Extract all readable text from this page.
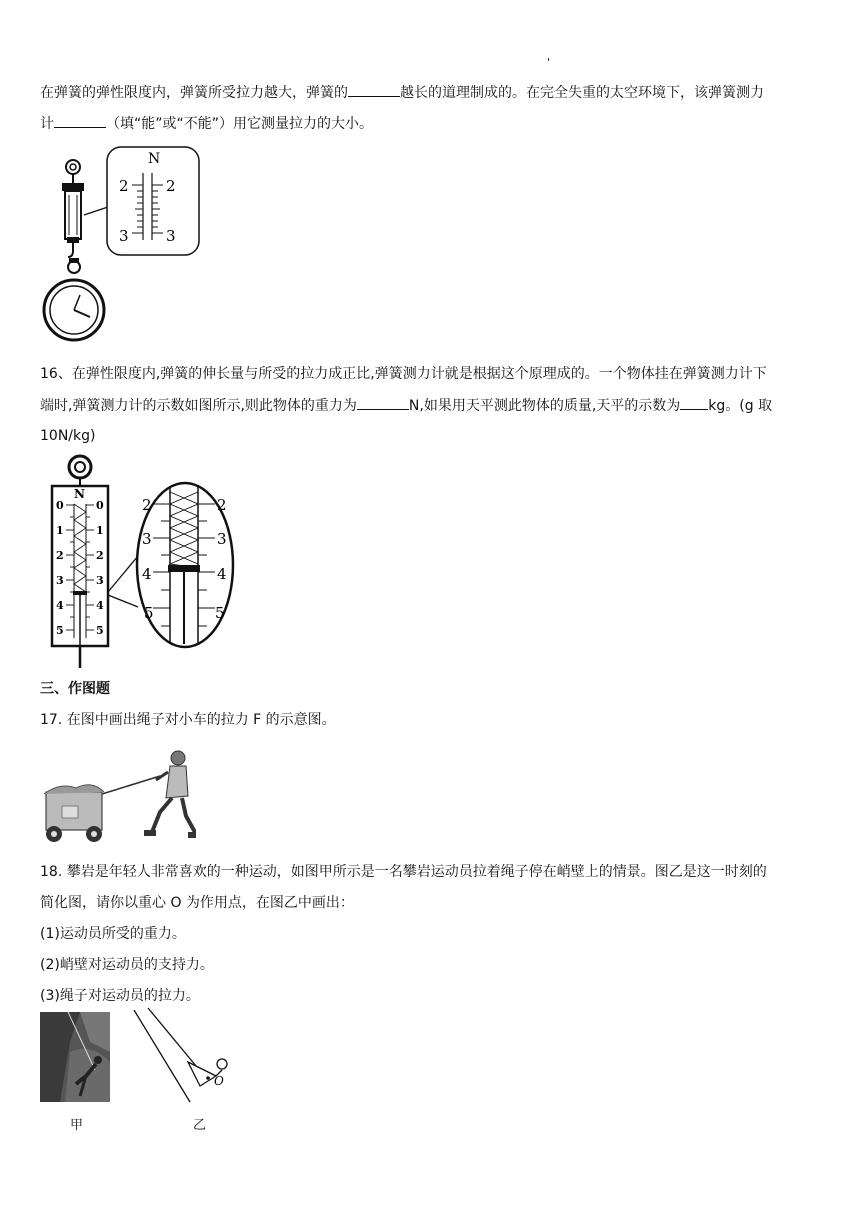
'
在弹簧的弹性限度内，弹簧所受拉力越大，弹簧的	越长的道理制成的。在完全失重的太空环境下，该弹簧测力
计	（填“能”或“不能”）用它测量拉力的大小。
N
2 2
3 3
16、在弹性限度内,弹簧的伸长量与所受的拉力成正比,弹簧测力计就是根据这个原理成的。一个物体挂在弹簧测力计下
端时,弹簧测力计的示数如图所示,则此物体的重力为	N,如果用天平测此物体的质量,天平的示数为 kg。(g 取
10N/kg)
N
0
1
2
3
4
5
0
1
2
3
4
5
2
3
4
5
2
3
4
5
三、作图题
17. 在图中画出绳子对小车的拉力 F 的示意图。
18. 攀岩是年轻人非常喜欢的一种运动，如图甲所示是一名攀岩运动员拉着绳子停在峭壁上的情景。图乙是这一时刻的
简化图，请你以重心 O 为作用点，在图乙中画出：
(1)运动员所受的重力。
(2)峭壁对运动员的支持力。
(3)绳子对运动员的拉力。
甲
O
乙
